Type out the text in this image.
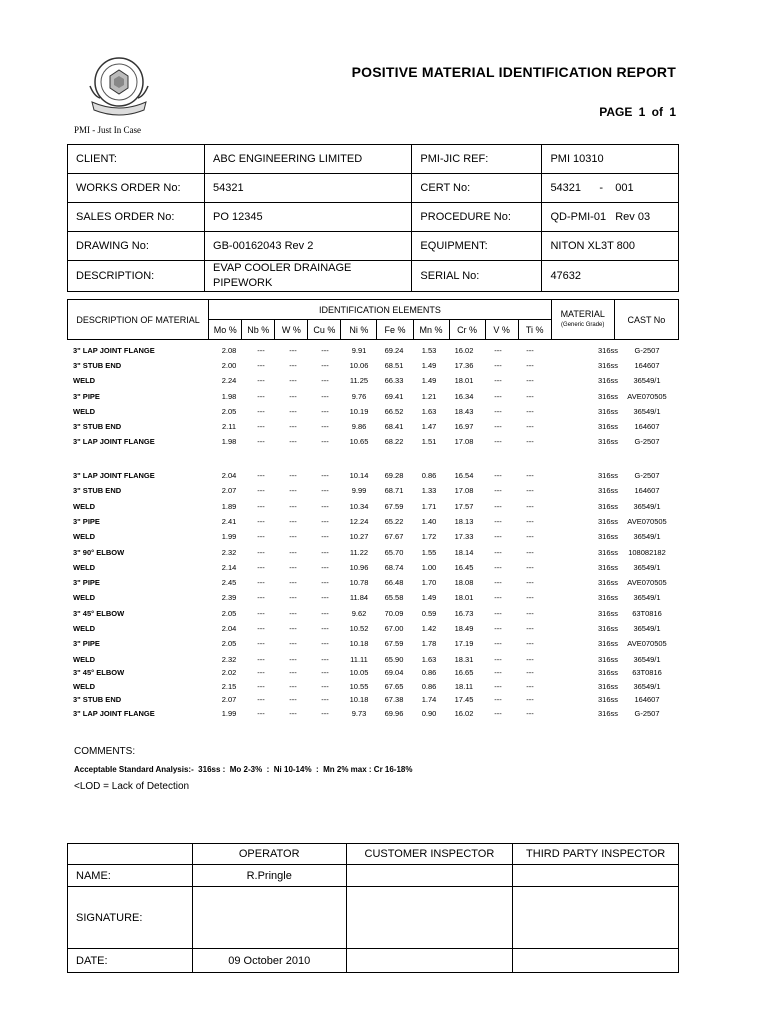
PMI - Just In Case
POSITIVE MATERIAL IDENTIFICATION REPORT
PAGE 1 of 1
CLIENT:	ABC ENGINEERING LIMITED	PMI-JIC REF:	PMI 10310
WORKS ORDER No:	54321	CERT No:	54321      -    001
SALES ORDER No:	PO 12345	PROCEDURE No:	QD-PMI-01   Rev 03
DRAWING No:	GB-00162043 Rev 2	EQUIPMENT:	NITON XL3T 800
DESCRIPTION:	EVAP COOLER DRAINAGE PIPEWORK	SERIAL No:	47632
DESCRIPTION OF MATERIAL	IDENTIFICATION ELEMENTS										MATERIAL
(Generic Grade)	CAST No
	Mo %	Nb %	W %	Cu %	Ni %	Fe %	Mn %	Cr %	V %	Ti %		
3" LAP JOINT FLANGE	2.08	---	---	---	9.91	69.24	1.53	16.02	---	---	316ss	G-2507
3" STUB END	2.00	---	---	---	10.06	68.51	1.49	17.36	---	---	316ss	164607
WELD	2.24	---	---	---	11.25	66.33	1.49	18.01	---	---	316ss	36549/1
3" PIPE	1.98	---	---	---	9.76	69.41	1.21	16.34	---	---	316ss	AVE070505
WELD	2.05	---	---	---	10.19	66.52	1.63	18.43	---	---	316ss	36549/1
3" STUB END	2.11	---	---	---	9.86	68.41	1.47	16.97	---	---	316ss	164607
3" LAP JOINT FLANGE	1.98	---	---	---	10.65	68.22	1.51	17.08	---	---	316ss	G-2507
3" LAP JOINT FLANGE	2.04	---	---	---	10.14	69.28	0.86	16.54	---	---	316ss	G-2507
3" STUB END	2.07	---	---	---	9.99	68.71	1.33	17.08	---	---	316ss	164607
WELD	1.89	---	---	---	10.34	67.59	1.71	17.57	---	---	316ss	36549/1
3" PIPE	2.41	---	---	---	12.24	65.22	1.40	18.13	---	---	316ss	AVE070505
WELD	1.99	---	---	---	10.27	67.67	1.72	17.33	---	---	316ss	36549/1
3" 90° ELBOW	2.32	---	---	---	11.22	65.70	1.55	18.14	---	---	316ss	108082182
WELD	2.14	---	---	---	10.96	68.74	1.00	16.45	---	---	316ss	36549/1
3" PIPE	2.45	---	---	---	10.78	66.48	1.70	18.08	---	---	316ss	AVE070505
WELD	2.39	---	---	---	11.84	65.58	1.49	18.01	---	---	316ss	36549/1
3" 45° ELBOW	2.05	---	---	---	9.62	70.09	0.59	16.73	---	---	316ss	63T0816
WELD	2.04	---	---	---	10.52	67.00	1.42	18.49	---	---	316ss	36549/1
3" PIPE	2.05	---	---	---	10.18	67.59	1.78	17.19	---	---	316ss	AVE070505
WELD	2.32	---	---	---	11.11	65.90	1.63	18.31	---	---	316ss	36549/1
3" 45° ELBOW	2.02	---	---	---	10.05	69.04	0.86	16.65	---	---	316ss	63T0816
WELD	2.15	---	---	---	10.55	67.65	0.86	18.11	---	---	316ss	36549/1
3" STUB END	2.07	---	---	---	10.18	67.38	1.74	17.45	---	---	316ss	164607
3" LAP JOINT FLANGE	1.99	---	---	---	9.73	69.96	0.90	16.02	---	---	316ss	G-2507
COMMENTS:
Acceptable Standard Analysis:-  316ss :  Mo 2-3%  :  Ni 10-14%  :  Mn 2% max : Cr 16-18%
<LOD = Lack of Detection
	OPERATOR	CUSTOMER INSPECTOR	THIRD PARTY INSPECTOR
NAME:	R.Pringle		
SIGNATURE:			
DATE:	09 October 2010		
